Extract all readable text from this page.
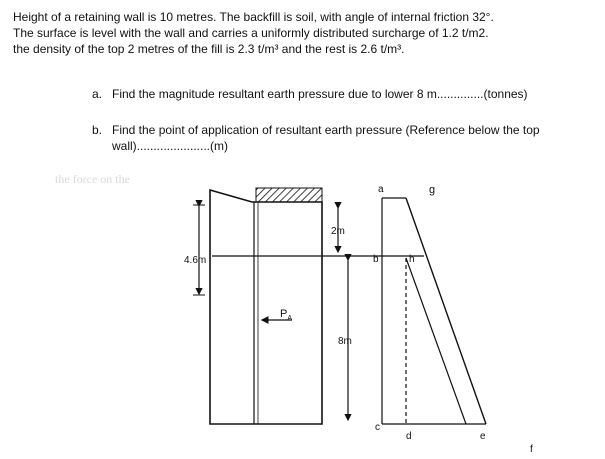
Height of a retaining wall is 10 metres. The backfill is soil, with angle of internal friction 32°.
The surface is level with the wall and carries a uniformly distributed surcharge of 1.2 t/m2.
the density of the top 2 metres of the fill is 2.3 t/m³ and the rest is 2.6 t/m³.

a. Find the magnitude resultant earth pressure due to lower 8 m..............(tonnes)
b. Find the point of application of resultant earth pressure (Reference below the top wall)......................(m)
the force on the
4.6m
$P_A$
2m
8m
a	g
b	h
c
d	e
f
